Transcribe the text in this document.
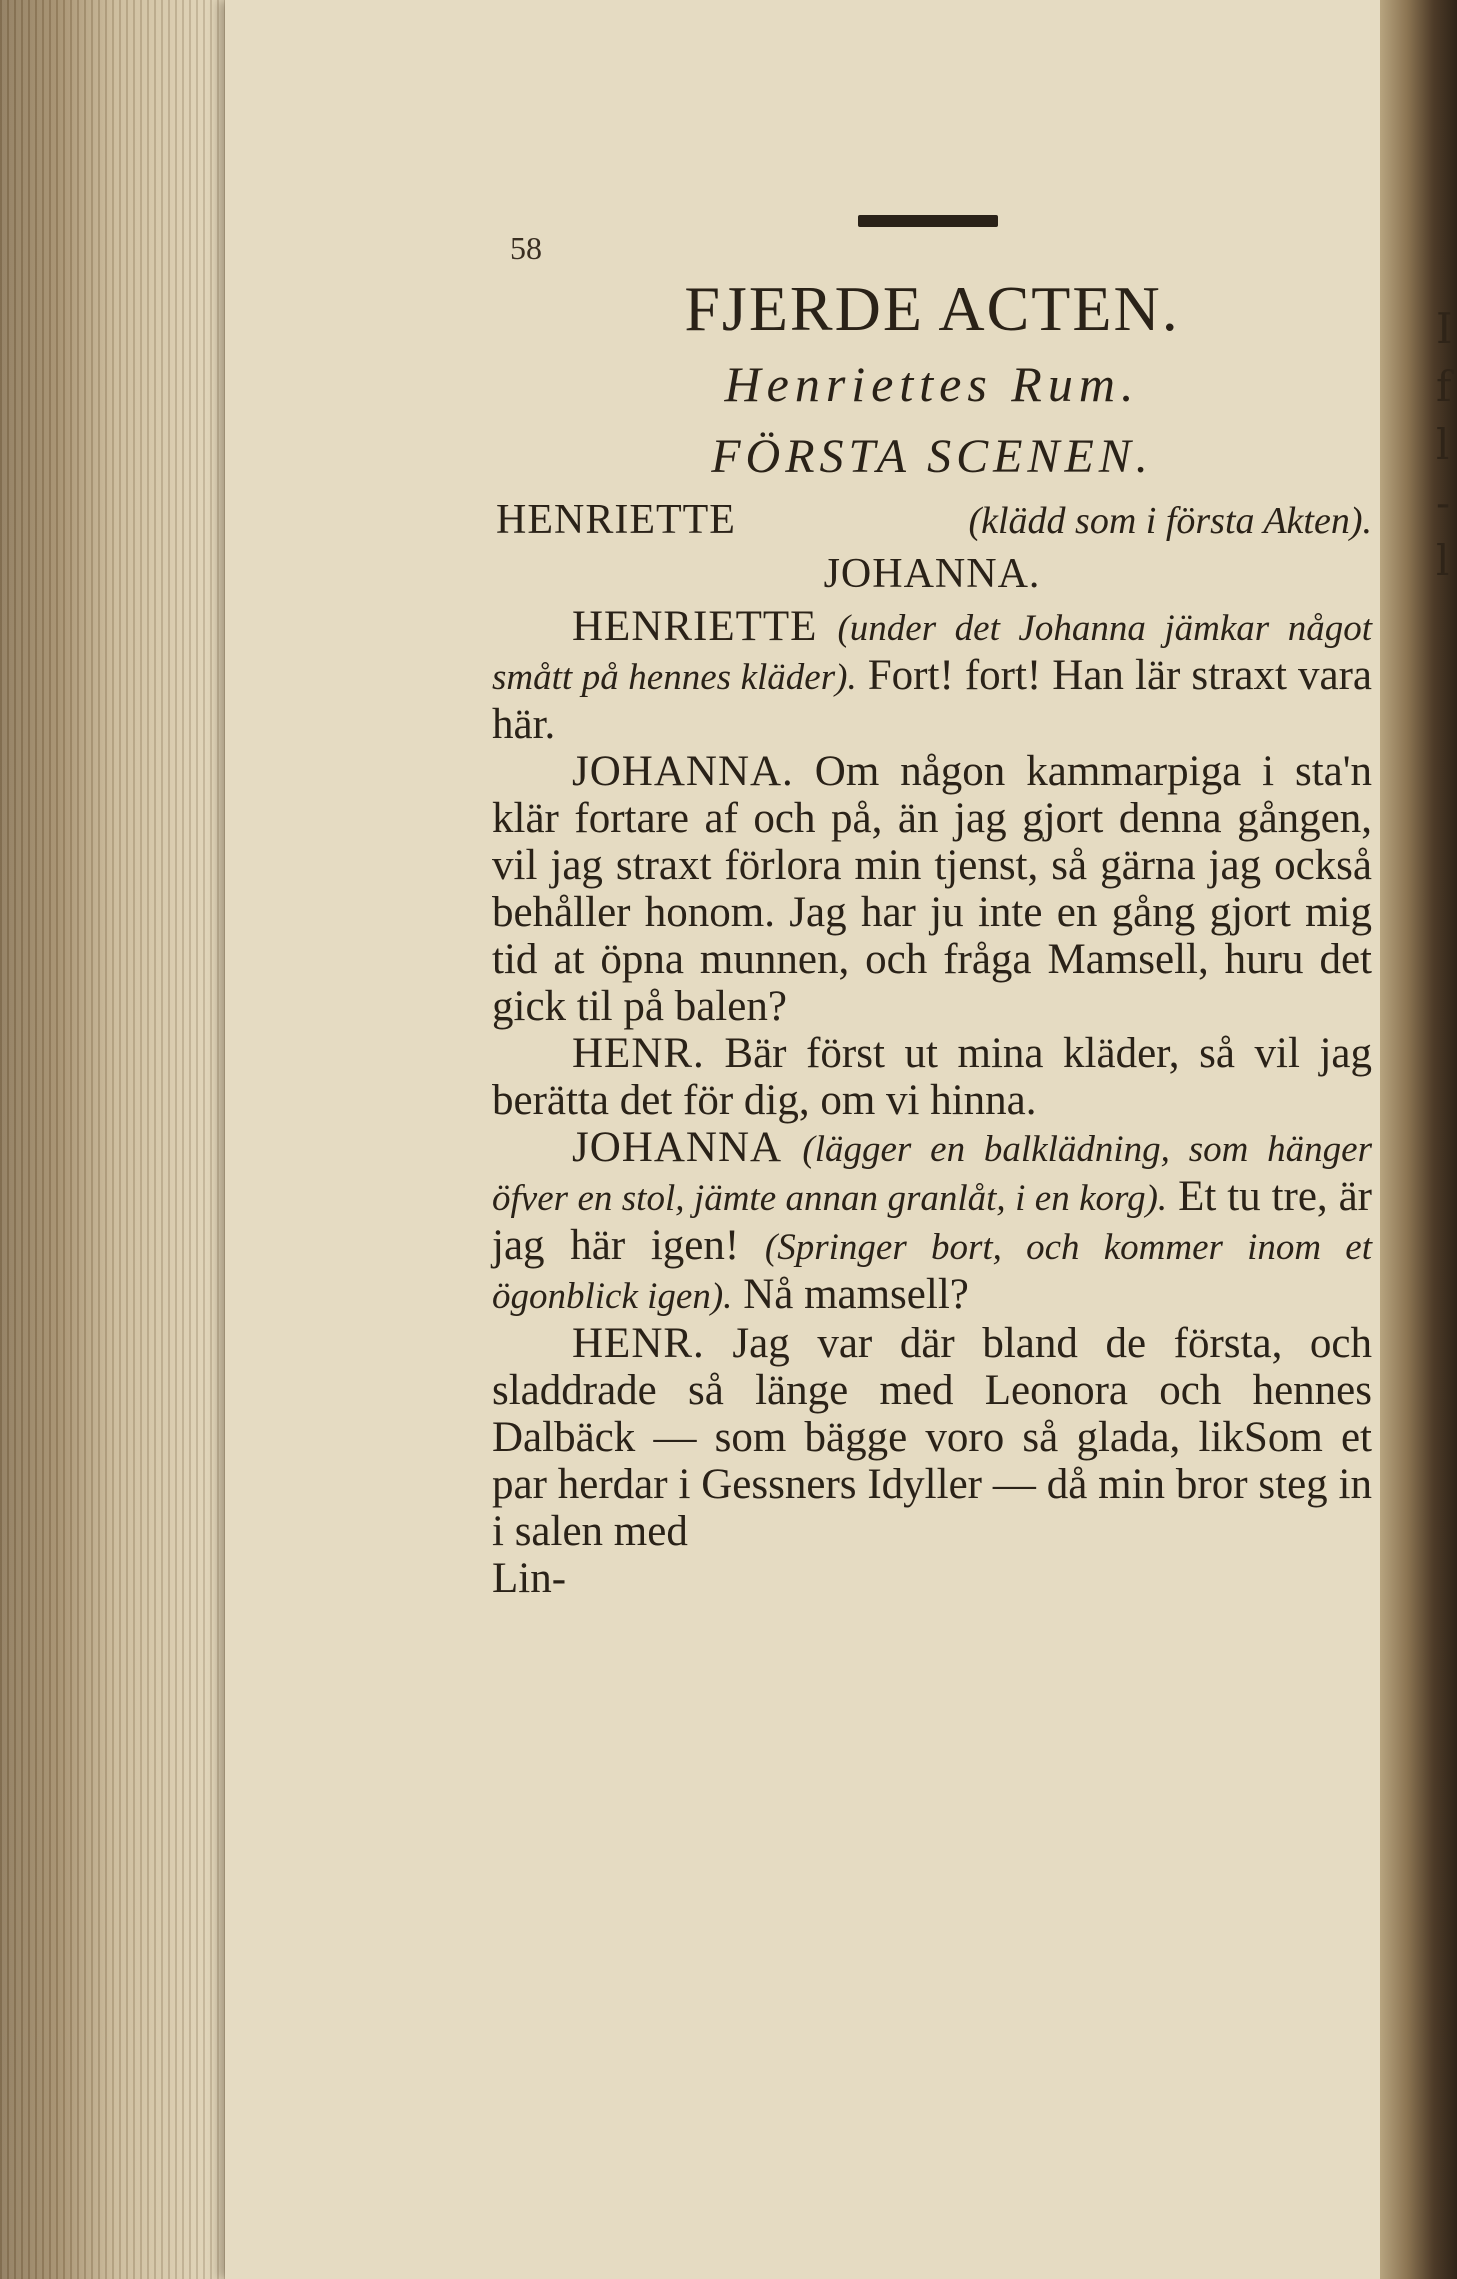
I
f
l
-
l
58
FJERDE ACTEN.
Henriettes Rum.
FÖRSTA SCENEN.
HENRIETTE	(klädd som i första Akten).
JOHANNA.

HENRIETTE (under det Johanna jämkar något smått på hennes kläder). Fort! fort! Han lär straxt vara här.

JOHANNA. Om någon kammarpiga i sta'n klär fortare af och på, än jag gjort denna gången, vil jag straxt förlora min tjenst, så gärna jag också behåller honom. Jag har ju inte en gång gjort mig tid at öpna munnen, och fråga Mamsell, huru det gick til på balen?

HENR. Bär först ut mina kläder, så vil jag berätta det för dig, om vi hinna.

JOHANNA (lägger en balklädning, som hänger öfver en stol, jämte annan granlåt, i en korg). Et tu tre, är jag här igen! (Springer bort, och kommer inom et ögonblick igen). Nå mamsell?

HENR. Jag var där bland de första, och sladdrade så länge med Leonora och hennes Dalbäck — som bägge voro så glada, likSom et par herdar i Gessners Idyller — då min bror steg in i salen med

Lin-
